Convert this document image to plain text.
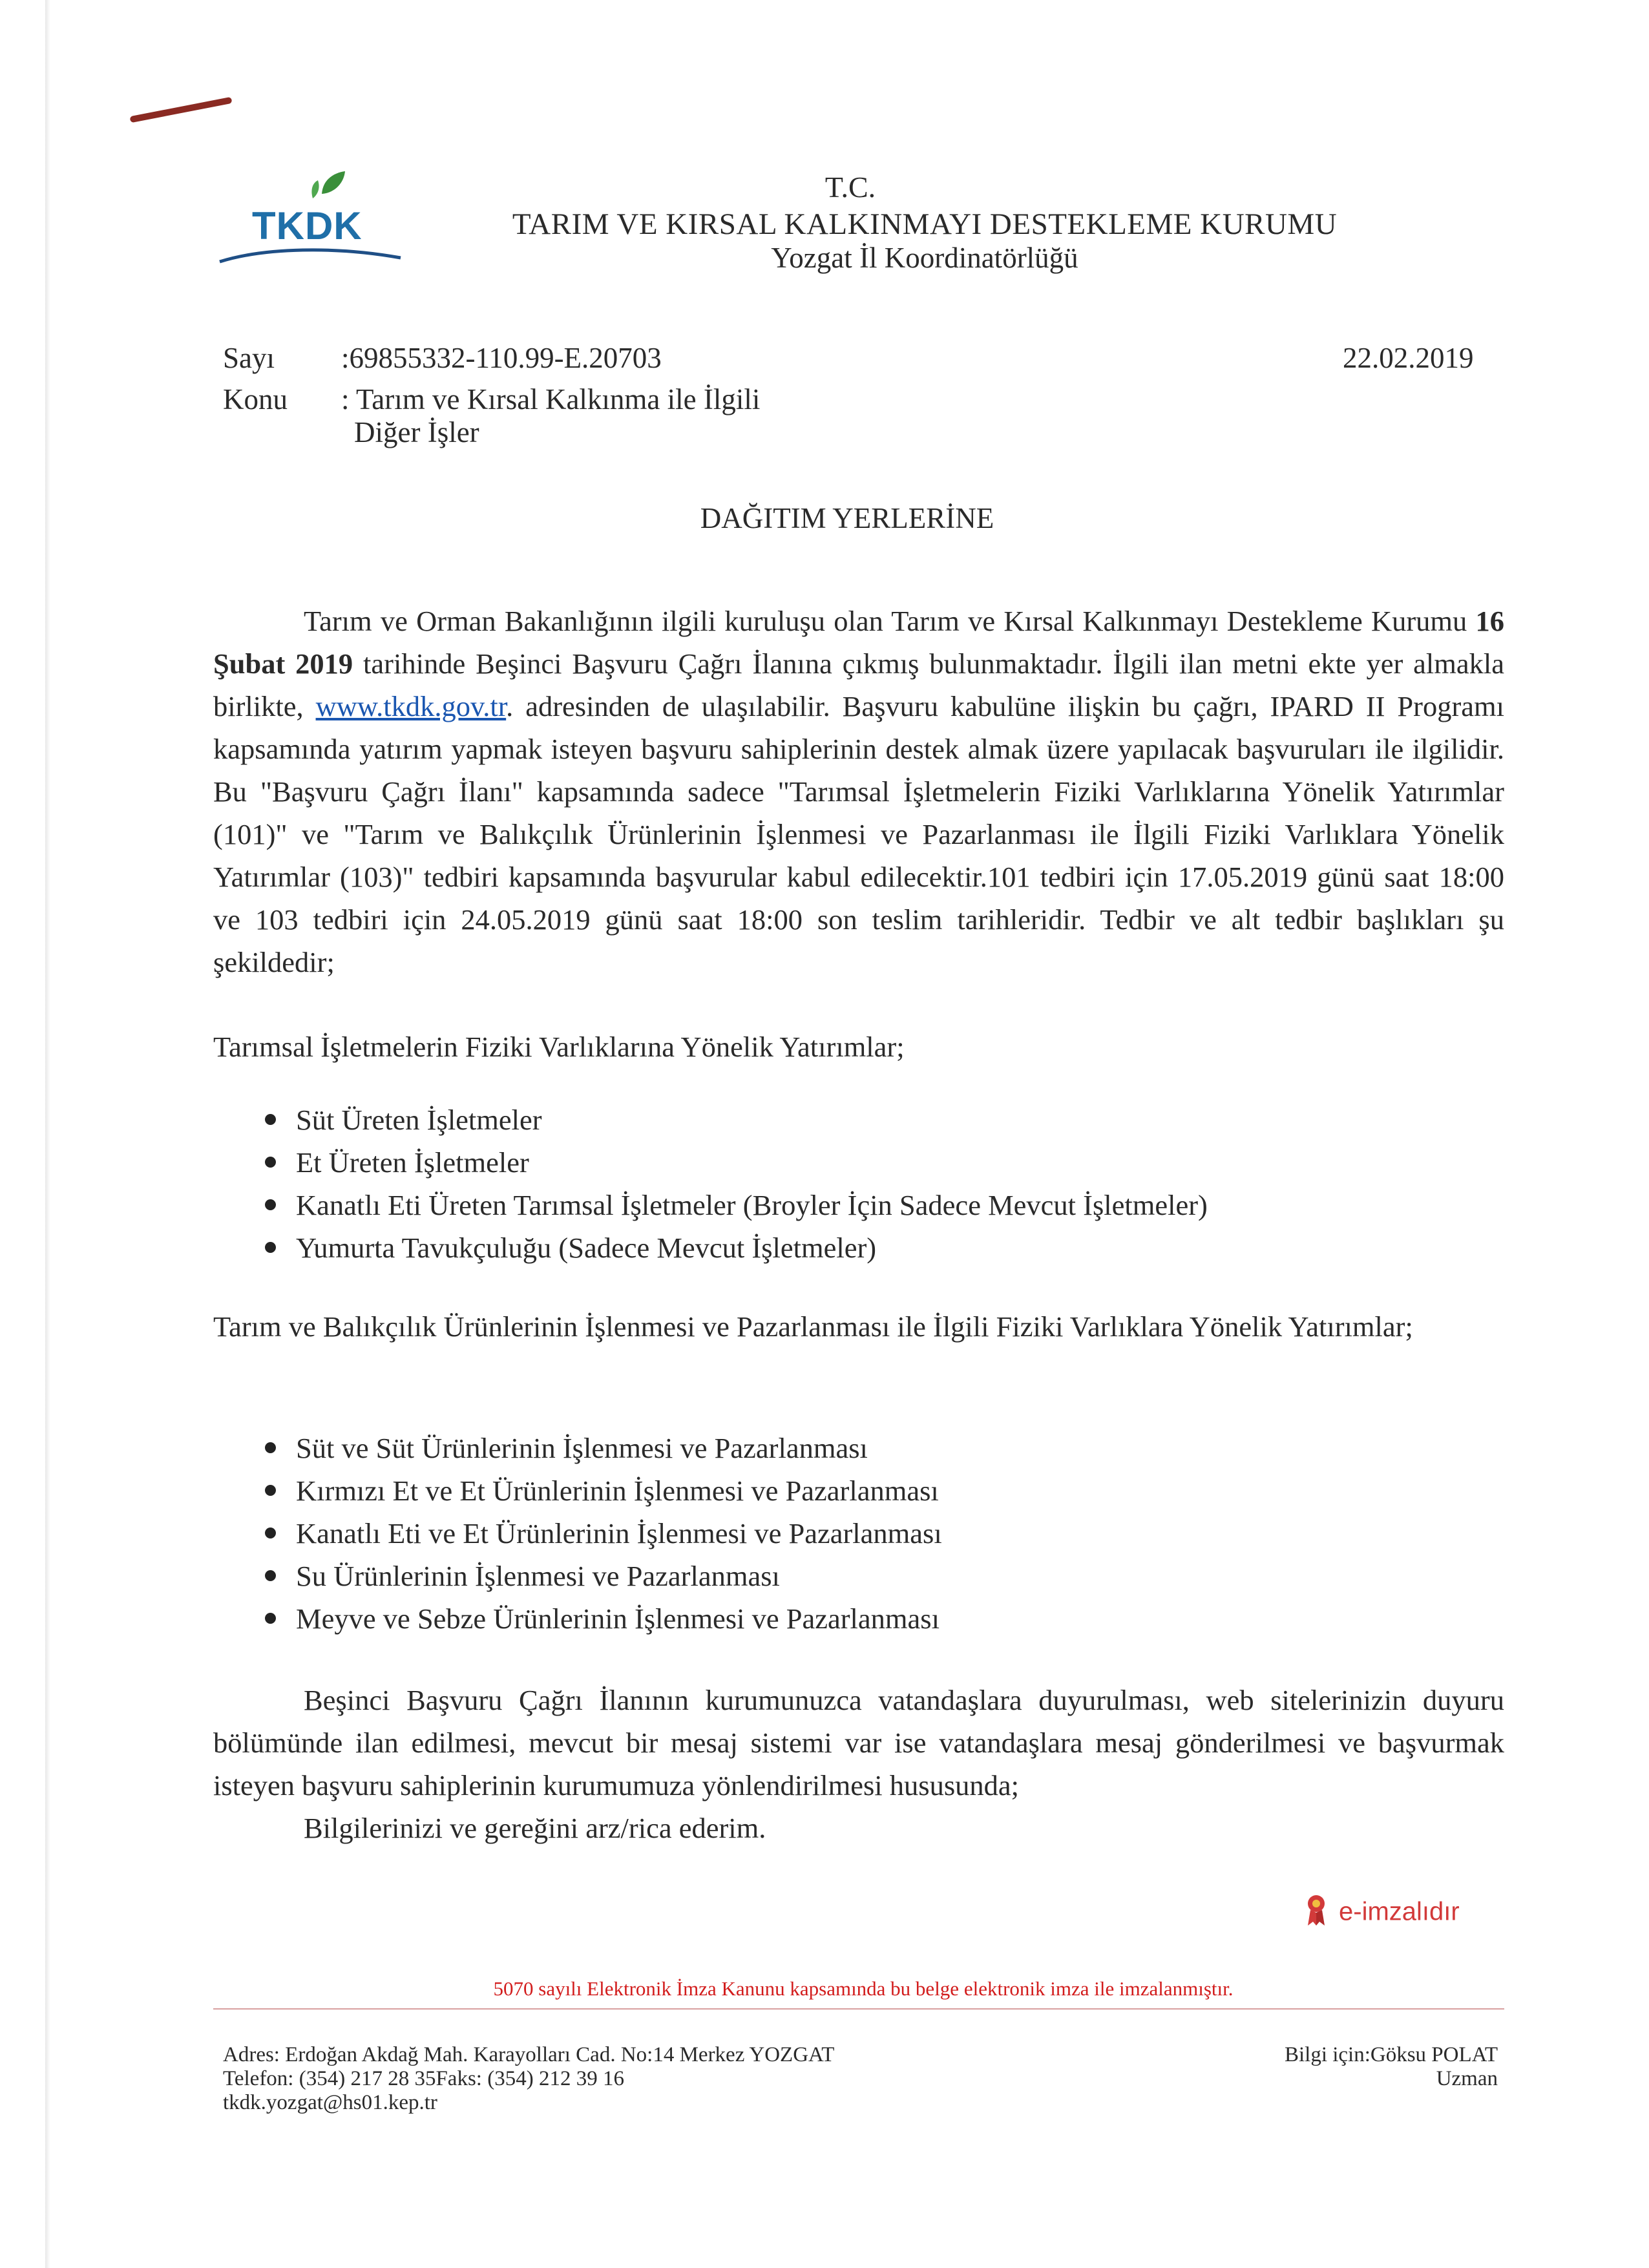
TKDK
T.C.
TARIM VE KIRSAL KALKINMAYI DESTEKLEME KURUMU
Yozgat İl Koordinatörlüğü
Sayı :69855332-110.99-E.20703
Konu : Tarım ve Kırsal Kalkınma ile İlgili
Diğer İşler
22.02.2019
DAĞITIM YERLERİNE

Tarım ve Orman Bakanlığının ilgili kuruluşu olan Tarım ve Kırsal Kalkınmayı Destekleme Kurumu 16 Şubat 2019 tarihinde Beşinci Başvuru Çağrı İlanına çıkmış bulunmaktadır. İlgili ilan metni ekte yer almakla birlikte, www.tkdk.gov.tr. adresinden de ulaşılabilir. Başvuru kabulüne ilişkin bu çağrı, IPARD II Programı kapsamında yatırım yapmak isteyen başvuru sahiplerinin destek almak üzere yapılacak başvuruları ile ilgilidir. Bu "Başvuru Çağrı İlanı" kapsamında sadece "Tarımsal İşletmelerin Fiziki Varlıklarına Yönelik Yatırımlar (101)" ve "Tarım ve Balıkçılık Ürünlerinin İşlenmesi ve Pazarlanması ile İlgili Fiziki Varlıklara Yönelik Yatırımlar (103)" tedbiri kapsamında başvurular kabul edilecektir.101 tedbiri için 17.05.2019 günü saat 18:00 ve 103 tedbiri için 24.05.2019 günü saat 18:00 son teslim tarihleridir. Tedbir ve alt tedbir başlıkları şu şekildedir;

Tarımsal İşletmelerin Fiziki Varlıklarına Yönelik Yatırımlar;
Süt Üreten İşletmeler
Et Üreten İşletmeler
Kanatlı Eti Üreten Tarımsal İşletmeler (Broyler İçin Sadece Mevcut İşletmeler)
Yumurta Tavukçuluğu (Sadece Mevcut İşletmeler)
Tarım ve Balıkçılık Ürünlerinin İşlenmesi ve Pazarlanması ile İlgili Fiziki Varlıklara Yönelik Yatırımlar;
Süt ve Süt Ürünlerinin İşlenmesi ve Pazarlanması
Kırmızı Et ve Et Ürünlerinin İşlenmesi ve Pazarlanması
Kanatlı Eti ve Et Ürünlerinin İşlenmesi ve Pazarlanması
Su Ürünlerinin İşlenmesi ve Pazarlanması
Meyve ve Sebze Ürünlerinin İşlenmesi ve Pazarlanması

Beşinci Başvuru Çağrı İlanının kurumunuzca vatandaşlara duyurulması, web sitelerinizin duyuru bölümünde ilan edilmesi, mevcut bir mesaj sistemi var ise vatandaşlara mesaj gönderilmesi ve başvurmak isteyen başvuru sahiplerinin kurumumuza yönlendirilmesi hususunda;

Bilgilerinizi ve gereğini arz/rica ederim.

e-imzalıdır
5070 sayılı Elektronik İmza Kanunu kapsamında bu belge elektronik imza ile imzalanmıştır.
Adres: Erdoğan Akdağ Mah. Karayolları Cad. No:14 Merkez YOZGAT
Telefon: (354) 217 28 35Faks: (354) 212 39 16
tkdk.yozgat@hs01.kep.tr
Bilgi için:Göksu POLAT
Uzman
